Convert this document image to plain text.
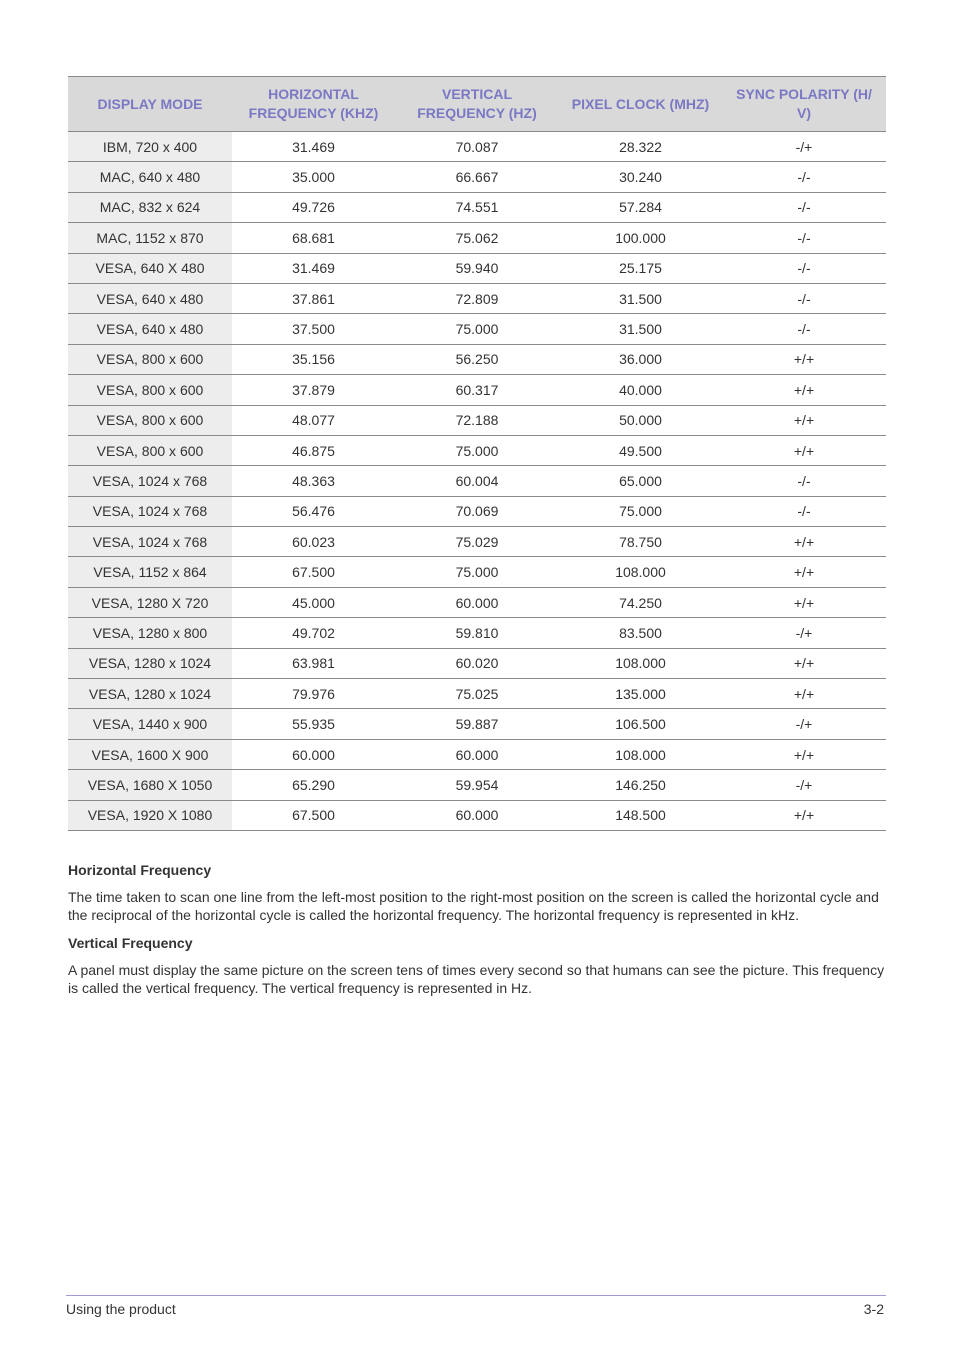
DISPLAY MODE	HORIZONTAL FREQUENCY (KHZ)	VERTICAL FREQUENCY (HZ)	PIXEL CLOCK (MHZ)	SYNC POLARITY (H/ V)
IBM, 720 x 400	31.469	70.087	28.322	-/+
MAC, 640 x 480	35.000	66.667	30.240	-/-
MAC, 832 x 624	49.726	74.551	57.284	-/-
MAC, 1152 x 870	68.681	75.062	100.000	-/-
VESA, 640 X 480	31.469	59.940	25.175	-/-
VESA, 640 x 480	37.861	72.809	31.500	-/-
VESA, 640 x 480	37.500	75.000	31.500	-/-
VESA, 800 x 600	35.156	56.250	36.000	+/+
VESA, 800 x 600	37.879	60.317	40.000	+/+
VESA, 800 x 600	48.077	72.188	50.000	+/+
VESA, 800 x 600	46.875	75.000	49.500	+/+
VESA, 1024 x 768	48.363	60.004	65.000	-/-
VESA, 1024 x 768	56.476	70.069	75.000	-/-
VESA, 1024 x 768	60.023	75.029	78.750	+/+
VESA, 1152 x 864	67.500	75.000	108.000	+/+
VESA, 1280 X 720	45.000	60.000	74.250	+/+
VESA, 1280 x 800	49.702	59.810	83.500	-/+
VESA, 1280 x 1024	63.981	60.020	108.000	+/+
VESA, 1280 x 1024	79.976	75.025	135.000	+/+
VESA, 1440 x 900	55.935	59.887	106.500	-/+
VESA, 1600 X 900	60.000	60.000	108.000	+/+
VESA, 1680 X 1050	65.290	59.954	146.250	-/+
VESA, 1920 X 1080	67.500	60.000	148.500	+/+
Horizontal Frequency

The time taken to scan one line from the left-most position to the right-most position on the screen is called the horizontal cycle and the reciprocal of the horizontal cycle is called the horizontal frequency. The horizontal frequency is represented in kHz.

Vertical Frequency

A panel must display the same picture on the screen tens of times every second so that humans can see the picture. This frequency is called the vertical frequency. The vertical frequency is represented in Hz.

Using the product	3-2
